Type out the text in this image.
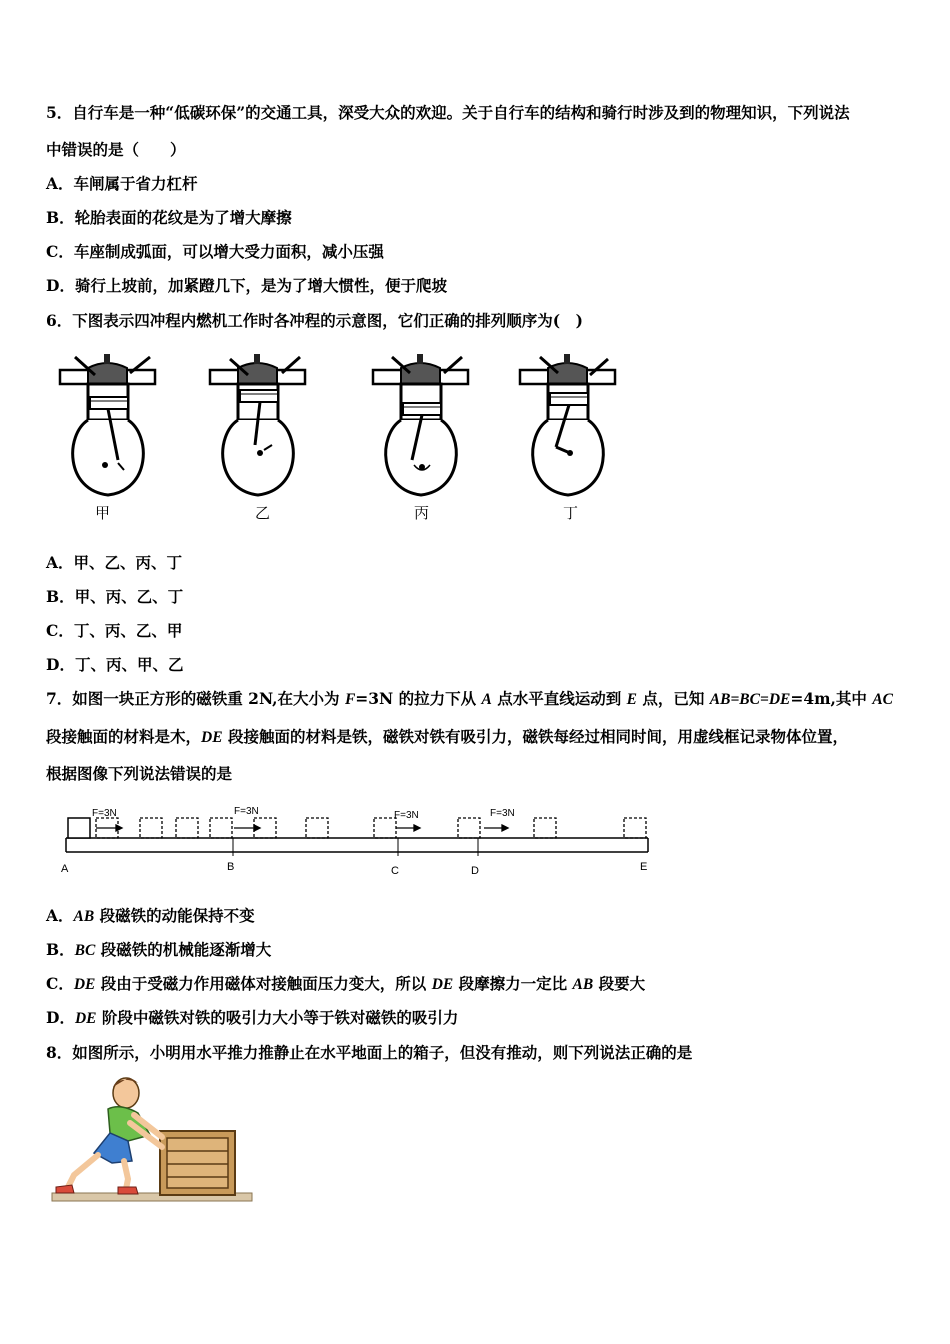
5．自行车是一种“低碳环保”的交通工具，深受大众的欢迎。关于自行车的结构和骑行时涉及到的物理知识，下列说法
中错误的是（　　）
A．车闸属于省力杠杆
B．轮胎表面的花纹是为了增大摩擦
C．车座制成弧面，可以增大受力面积，减小压强
D．骑行上坡前，加紧蹬几下，是为了增大惯性，便于爬坡
6．下图表示四冲程内燃机工作时各冲程的示意图，它们正确的排列顺序为(　)
甲	乙	丙	丁
A．甲、乙、丙、丁
B．甲、丙、乙、丁
C．丁、丙、乙、甲
D．丁、丙、甲、乙
7．如图一块正方形的磁铁重 2N,在大小为 F=3N 的拉力下从 A 点水平直线运动到 E 点，已知 AB=BC=DE=4m,其中 AC
段接触面的材料是木，DE 段接触面的材料是铁，磁铁对铁有吸引力，磁铁每经过相同时间，用虚线框记录物体位置，
根据图像下列说法错误的是
F=3N	F=3N	F=3N	F=3N
A	B	C	D	E
A．AB 段磁铁的动能保持不变
B．BC 段磁铁的机械能逐渐增大
C．DE 段由于受磁力作用磁体对接触面压力变大，所以 DE 段摩擦力一定比 AB 段要大
D．DE 阶段中磁铁对铁的吸引力大小等于铁对磁铁的吸引力
8．如图所示，小明用水平推力推静止在水平地面上的箱子，但没有推动，则下列说法正确的是
